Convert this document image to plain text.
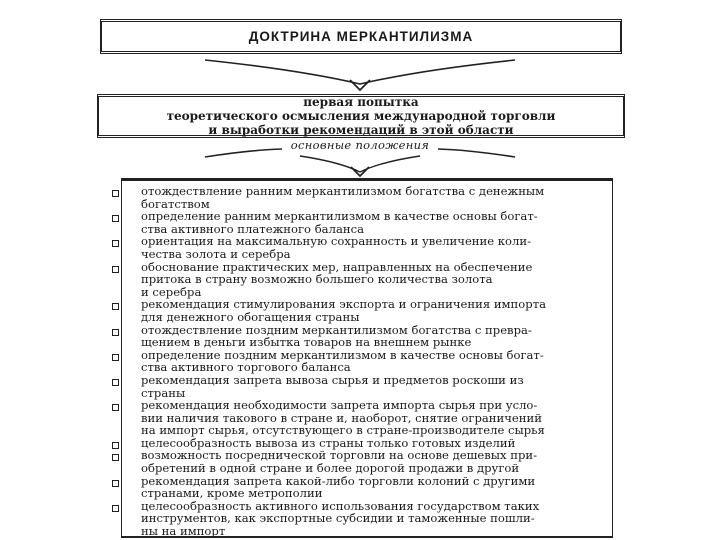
ДОКТРИНА МЕРКАНТИЛИЗМА
первая попытка
теоретического осмысления международной торговли
и выработки рекомендаций в этой области
основные положения
отождествление ранним меркантилизмом богатства с денежным
богатством
определение ранним меркантилизмом в качестве основы богат-
ства активного платежного баланса
ориентация на максимальную сохранность и увеличение коли-
чества золота и серебра
обоснование практических мер, направленных на обеспечение
притока в страну возможно большего количества золота
и серебра
рекомендация стимулирования экспорта и ограничения импорта
для денежного обогащения страны
отождествление поздним меркантилизмом богатства с превра-
щением в деньги избытка товаров на внешнем рынке
определение поздним меркантилизмом в качестве основы богат-
ства активного торгового баланса
рекомендация запрета вывоза сырья и предметов роскоши из
страны
рекомендация необходимости запрета импорта сырья при усло-
вии наличия такового в стране и, наоборот, снятие ограничений
на импорт сырья, отсутствующего в стране-производителе сырья
целесообразность вывоза из страны только готовых изделий
возможность посреднической торговли на основе дешевых при-
обретений в одной стране и более дорогой продажи в другой
рекомендация запрета какой-либо торговли колоний с другими
странами, кроме метрополии
целесообразность активного использования государством таких
инструментов, как экспортные субсидии и таможенные пошли-
ны на импорт
